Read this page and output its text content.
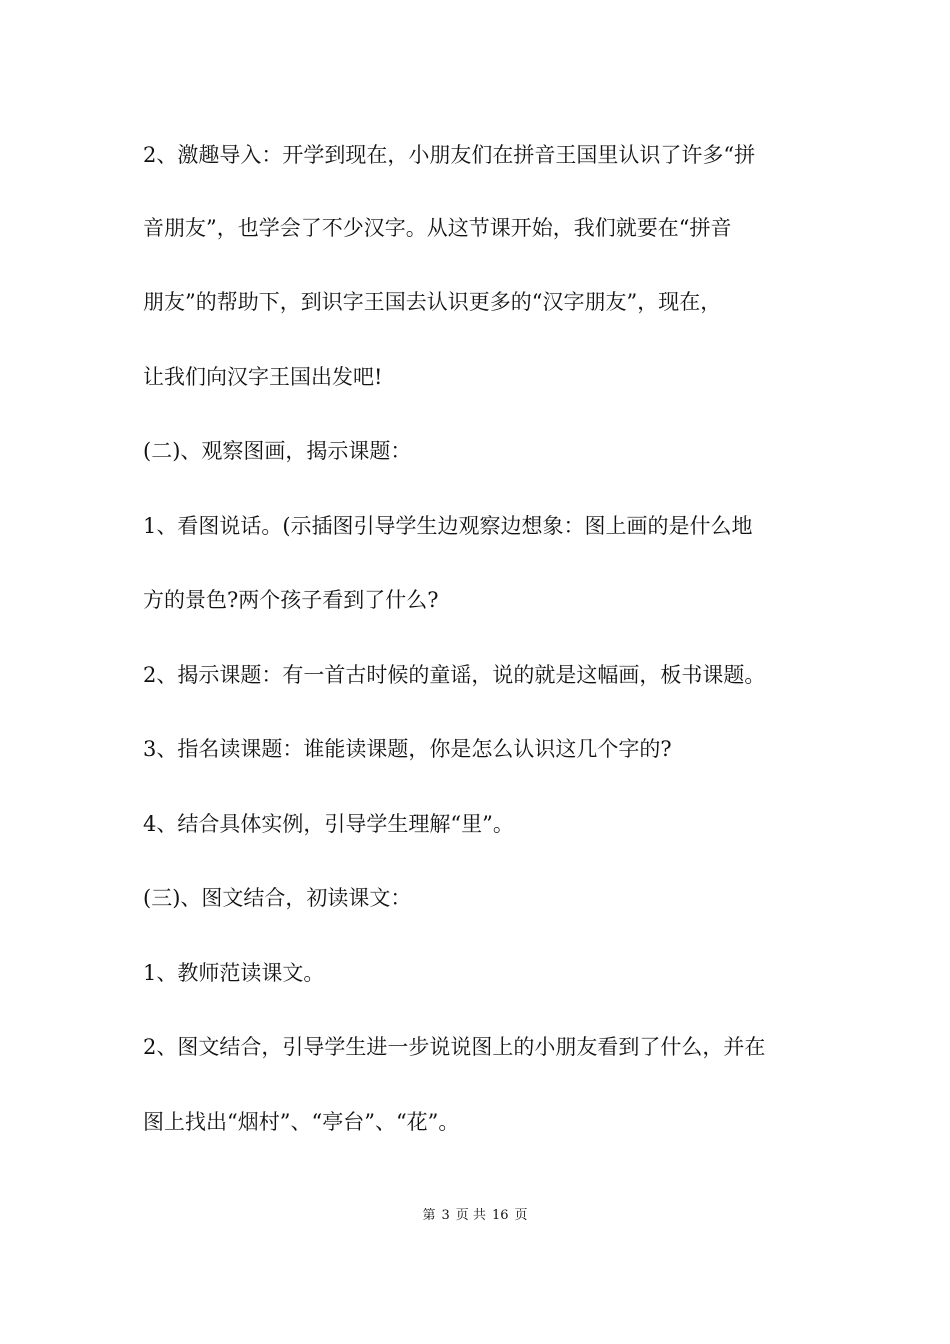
2、激趣导入：开学到现在，小朋友们在拼音王国里认识了许多“拼
音朋友”，也学会了不少汉字。从这节课开始，我们就要在“拼音
朋友”的帮助下，到识字王国去认识更多的“汉字朋友”，现在，
让我们向汉字王国出发吧!
(二)、观察图画，揭示课题：
1、看图说话。(示插图引导学生边观察边想象：图上画的是什么地
方的景色?两个孩子看到了什么?
2、揭示课题：有一首古时候的童谣，说的就是这幅画，板书课题。
3、指名读课题：谁能读课题，你是怎么认识这几个字的?
4、结合具体实例，引导学生理解“里”。
(三)、图文结合，初读课文：
1、教师范读课文。
2、图文结合，引导学生进一步说说图上的小朋友看到了什么，并在
图上找出“烟村”、“亭台”、“花”。
第 3 页 共 16 页
